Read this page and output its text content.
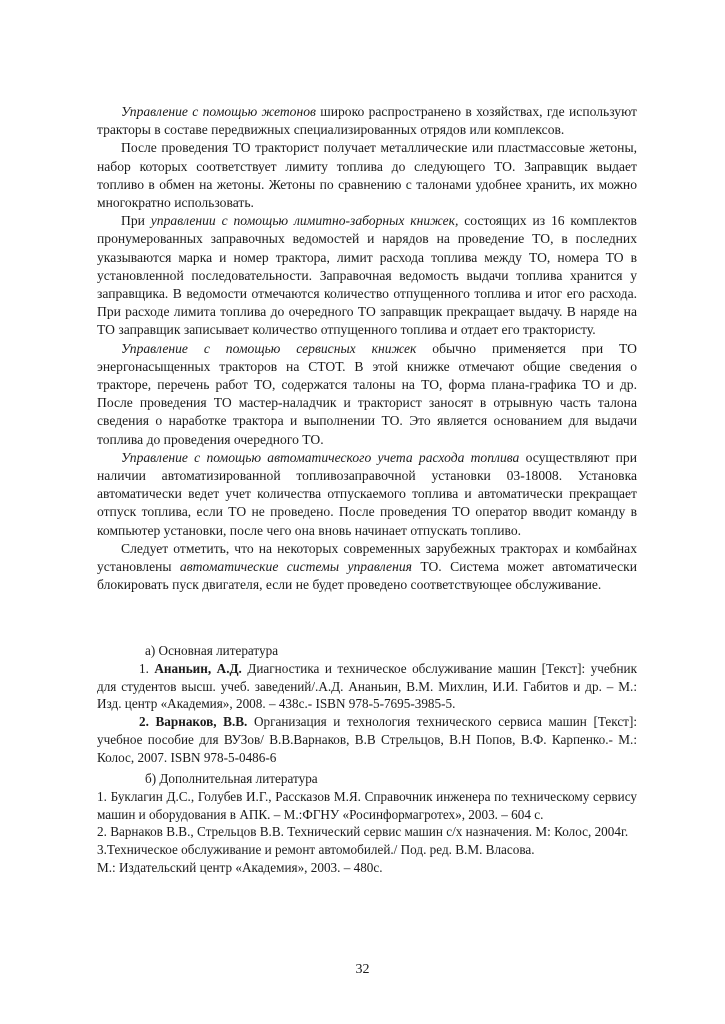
Управление с помощью жетонов широко распространено в хозяйствах, где используют тракторы в составе передвижных специализированных отрядов или комплексов.

После проведения ТО тракторист получает металлические или пластмассовые жетоны, набор которых соответствует лимиту топлива до следующего ТО. Заправщик выдает топливо в обмен на жетоны. Жетоны по сравнению с талонами удобнее хранить, их можно многократно использовать.

При управлении с помощью лимитно-заборных книжек, состоящих из 16 комплектов пронумерованных заправочных ведомостей и нарядов на проведение ТО, в последних указываются марка и номер трактора, лимит расхода топлива между ТО, номера ТО в установленной последовательности. Заправочная ведомость выдачи топлива хранится у заправщика. В ведомости отмечаются количество отпущенного топлива и итог его расхода. При расходе лимита топлива до очередного ТО заправщик прекращает выдачу. В наряде на ТО заправщик записывает количество отпущенного топлива и отдает его трактористу.

Управление с помощью сервисных книжек обычно применяется при ТО энергонасыщенных тракторов на СТОТ. В этой книжке отмечают общие сведения о тракторе, перечень работ ТО, содержатся талоны на ТО, форма плана-графика ТО и др. После проведения ТО мастер-наладчик и тракторист заносят в отрывную часть талона сведения о наработке трактора и выполнении ТО. Это является основанием для выдачи топлива до проведения очередного ТО.

Управление с помощью автоматического учета расхода топлива осуществляют при наличии автоматизированной топливозаправочной установки 03-18008. Установка автоматически ведет учет количества отпускаемого топлива и автоматически прекращает отпуск топлива, если ТО не проведено. После проведения ТО оператор вводит команду в компьютер установки, после чего она вновь начинает отпускать топливо.

Следует отметить, что на некоторых современных зарубежных тракторах и комбайнах установлены автоматические системы управления ТО. Система может автоматически блокировать пуск двигателя, если не будет проведено соответствующее обслуживание.

а) Основная литература

1. Ананьин, А.Д. Диагностика и техническое обслуживание машин [Текст]: учебник для студентов высш. учеб. заведений/.А.Д. Ананьин, В.М. Михлин, И.И. Габитов и др. – М.: Изд. центр «Академия», 2008. – 438с.- ISBN 978-5-7695-3985-5.

2. Варнаков, В.В. Организация и технология технического сервиса машин [Текст]: учебное пособие для ВУЗов/ В.В.Варнаков, В.В Стрельцов, В.Н Попов, В.Ф. Карпенко.- М.: Колос, 2007. ISBN 978-5-0486-6

б) Дополнительная литература

1. Буклагин Д.С., Голубев И.Г., Рассказов М.Я. Справочник инженера по техническому сервису машин и оборудования в АПК. – М.:ФГНУ «Росинформагротех», 2003. – 604 с.

2. Варнаков В.В., Стрельцов В.В. Технический сервис машин с/х назначения. М: Колос, 2004г.

3.Техническое обслуживание и ремонт автомобилей./ Под. ред. В.М. Власова.

М.: Издательский центр «Академия», 2003. – 480с.

32
